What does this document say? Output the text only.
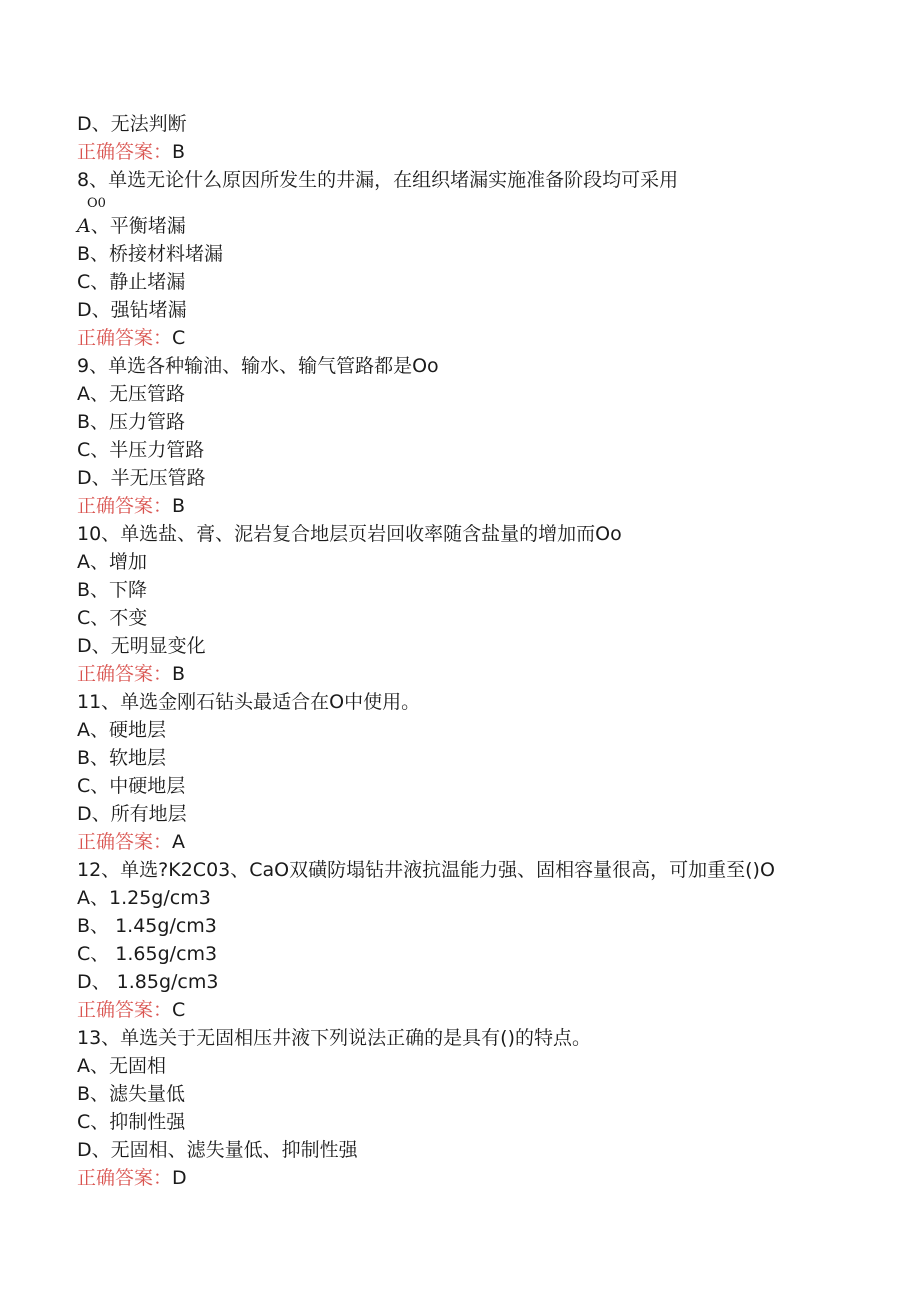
D、无法判断
正确答案：B
8、单选无论什么原因所发生的井漏，在组织堵漏实施准备阶段均可采用
O0
A、平衡堵漏
B、桥接材料堵漏
C、静止堵漏
D、强钻堵漏
正确答案：C
9、单选各种输油、输水、输气管路都是Oo
A、无压管路
B、压力管路
C、半压力管路
D、半无压管路
正确答案：B
10、单选盐、膏、泥岩复合地层页岩回收率随含盐量的增加而Oo
A、增加
B、下降
C、不变
D、无明显变化
正确答案：B
11、单选金刚石钻头最适合在O中使用。
A、硬地层
B、软地层
C、中硬地层
D、所有地层
正确答案：A
12、单选?K2C03、CaO双磺防塌钻井液抗温能力强、固相容量很高，可加重至()O
A、1.25g∕cm3
B、 1.45g∕cm3
C、 1.65g∕cm3
D、 1.85g∕cm3
正确答案：C
13、单选关于无固相压井液下列说法正确的是具有()的特点。
A、无固相
B、滤失量低
C、抑制性强
D、无固相、滤失量低、抑制性强
正确答案：D
